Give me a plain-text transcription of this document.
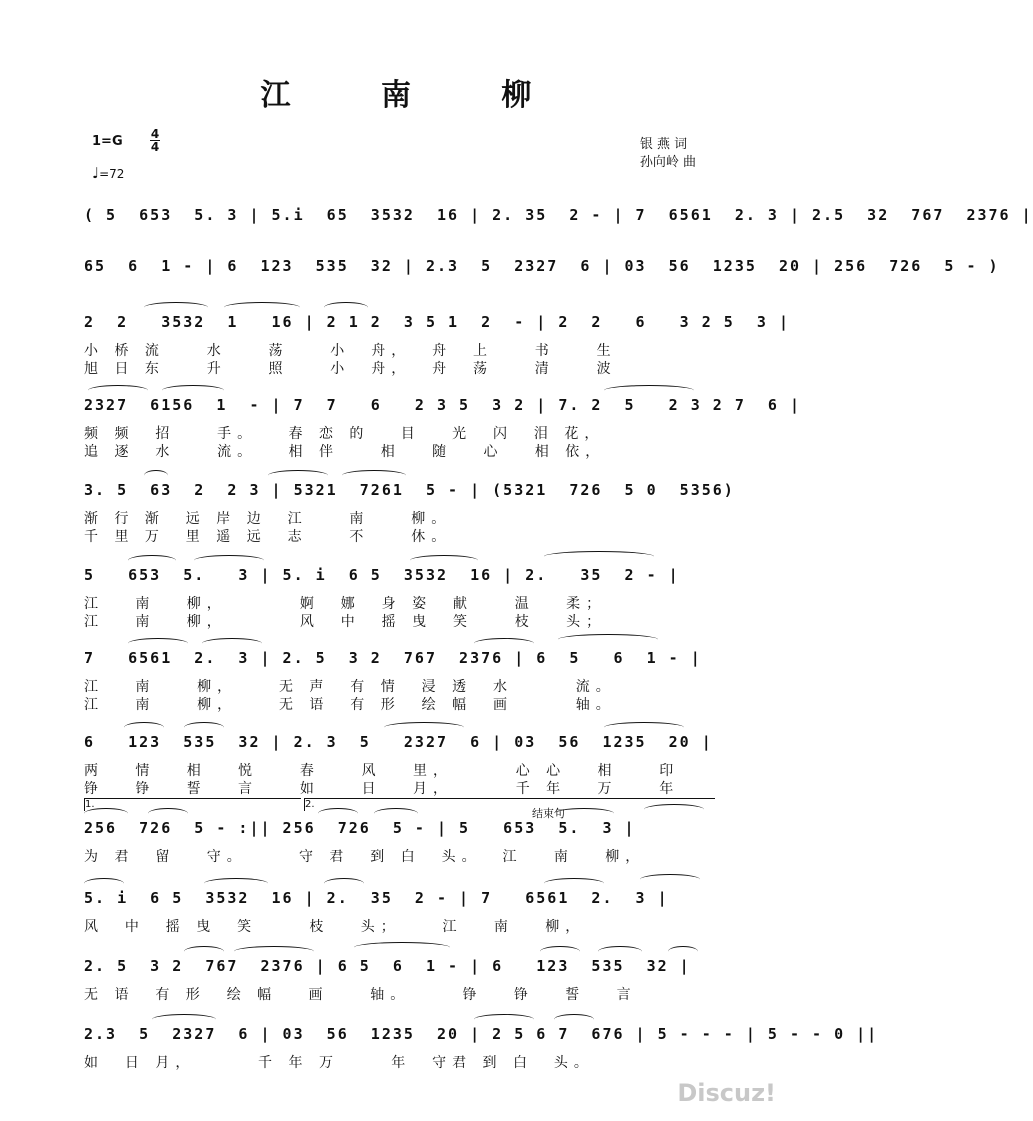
江 南 柳
1=G 4
4
♩=72
银 燕 词
孙向岭 曲
( 5  653  5. 3 | 5.i  65  3532  16 | 2. 35  2 - | 7  6561  2. 3 | 2.5  32  767  2376 |
65  6  1 - | 6  123  535  32 | 2.3  5  2327  6 | 03  56  1235  20 | 256  726  5 - )
2  2   3532  1   16 | 2 1 2  3 5 1  2  - | 2  2   6   3 2 5  3 |
小 桥 流    水    荡    小  舟，  舟  上    书    生
旭 日 东    升    照    小  舟，  舟  荡    清    波
2327  6156  1  - | 7  7   6   2 3 5  3 2 | 7. 2  5   2 3 2 7  6 |
频 频  招    手。   春 恋 的   目   光  闪  泪 花，
追 逐  水    流。   相 伴    相   随   心   相 依，
3. 5  63  2  2 3 | 5321  7261  5 - | (5321  726  5 0  5356)
渐 行 渐  远 岸 边  江    南    柳。
千 里 万  里 遥 远  志    不    休。
5   653  5.   3 | 5. i  6 5  3532  16 | 2.   35  2 - |
江   南   柳，       婀  娜  身 姿  献    温   柔；
江   南   柳，       风  中  摇 曳  笑    枝   头；
7   6561  2.  3 | 2. 5  3 2  767  2376 | 6  5   6  1 - |
江   南    柳，    无 声  有 情  浸 透  水      流。
江   南    柳，    无 语  有 形  绘 幅  画      轴。
6   123  535  32 | 2. 3  5   2327  6 | 03  56  1235  20 |
两   情   相   悦    春    风   里，      心 心   相    印
铮   铮   誓   言    如    日   月，      千 年   万    年
1.	2.
结束句
256  726  5 - :|| 256  726  5 - | 5   653  5.  3 |
为 君  留   守。     守 君  到 白  头。  江   南   柳，
5. i  6 5  3532  16 | 2.  35  2 - | 7   6561  2.  3 |
风  中  摇 曳  笑     枝   头；    江   南   柳，
2. 5  3 2  767  2376 | 6 5  6  1 - | 6   123  535  32 |
无 语  有 形  绘 幅   画    轴。     铮   铮   誓   言
2.3  5  2327  6 | 03  56  1235  20 | 2 5 6 7  676 | 5 - - - | 5 - - 0 ||
如  日 月，      千 年 万     年  守君 到 白  头。
Discuz!
